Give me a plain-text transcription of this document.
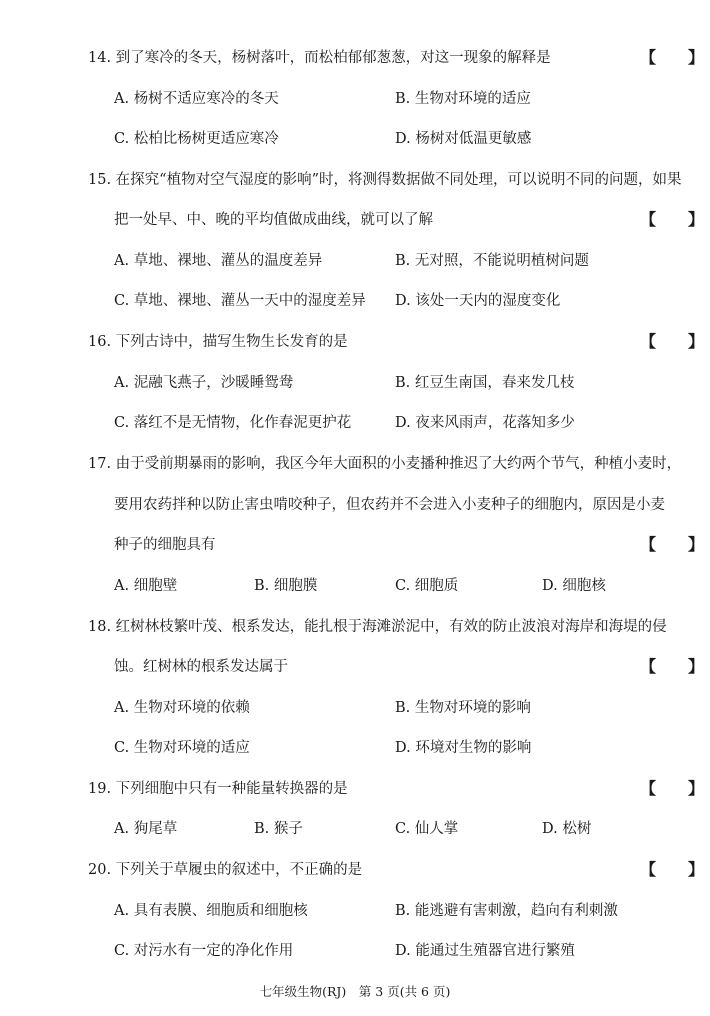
14. 到了寒冷的冬天，杨树落叶，而松柏郁郁葱葱，对这一现象的解释是	【　　】
A. 杨树不适应寒冷的冬天	B. 生物对环境的适应
C. 松柏比杨树更适应寒冷	D. 杨树对低温更敏感
15. 在探究“植物对空气湿度的影响”时，将测得数据做不同处理，可以说明不同的问题，如果
把一处早、中、晚的平均值做成曲线，就可以了解	【　　】
A. 草地、裸地、灌丛的温度差异	B. 无对照，不能说明植树问题
C. 草地、裸地、灌丛一天中的湿度差异 D. 该处一天内的湿度变化
16. 下列古诗中，描写生物生长发育的是	【　　】
A. 泥融飞燕子，沙暖睡鸳鸯	B. 红豆生南国，春来发几枝
C. 落红不是无情物，化作春泥更护花	D. 夜来风雨声，花落知多少
17. 由于受前期暴雨的影响，我区今年大面积的小麦播种推迟了大约两个节气，种植小麦时，
要用农药拌种以防止害虫啃咬种子，但农药并不会进入小麦种子的细胞内，原因是小麦
种子的细胞具有	【　　】
A. 细胞壁	B. 细胞膜	C. 细胞质	D. 细胞核
18. 红树林枝繁叶茂、根系发达，能扎根于海滩淤泥中，有效的防止波浪对海岸和海堤的侵
蚀。红树林的根系发达属于	【　　】
A. 生物对环境的依赖	B. 生物对环境的影响
C. 生物对环境的适应	D. 环境对生物的影响
19. 下列细胞中只有一种能量转换器的是	【　　】
A. 狗尾草	B. 猴子	C. 仙人掌	D. 松树
20. 下列关于草履虫的叙述中，不正确的是	【　　】
A. 具有表膜、细胞质和细胞核	B. 能逃避有害刺激，趋向有利刺激
C. 对污水有一定的净化作用	D. 能通过生殖器官进行繁殖
七年级生物(RJ)　第 3 页(共 6 页)
